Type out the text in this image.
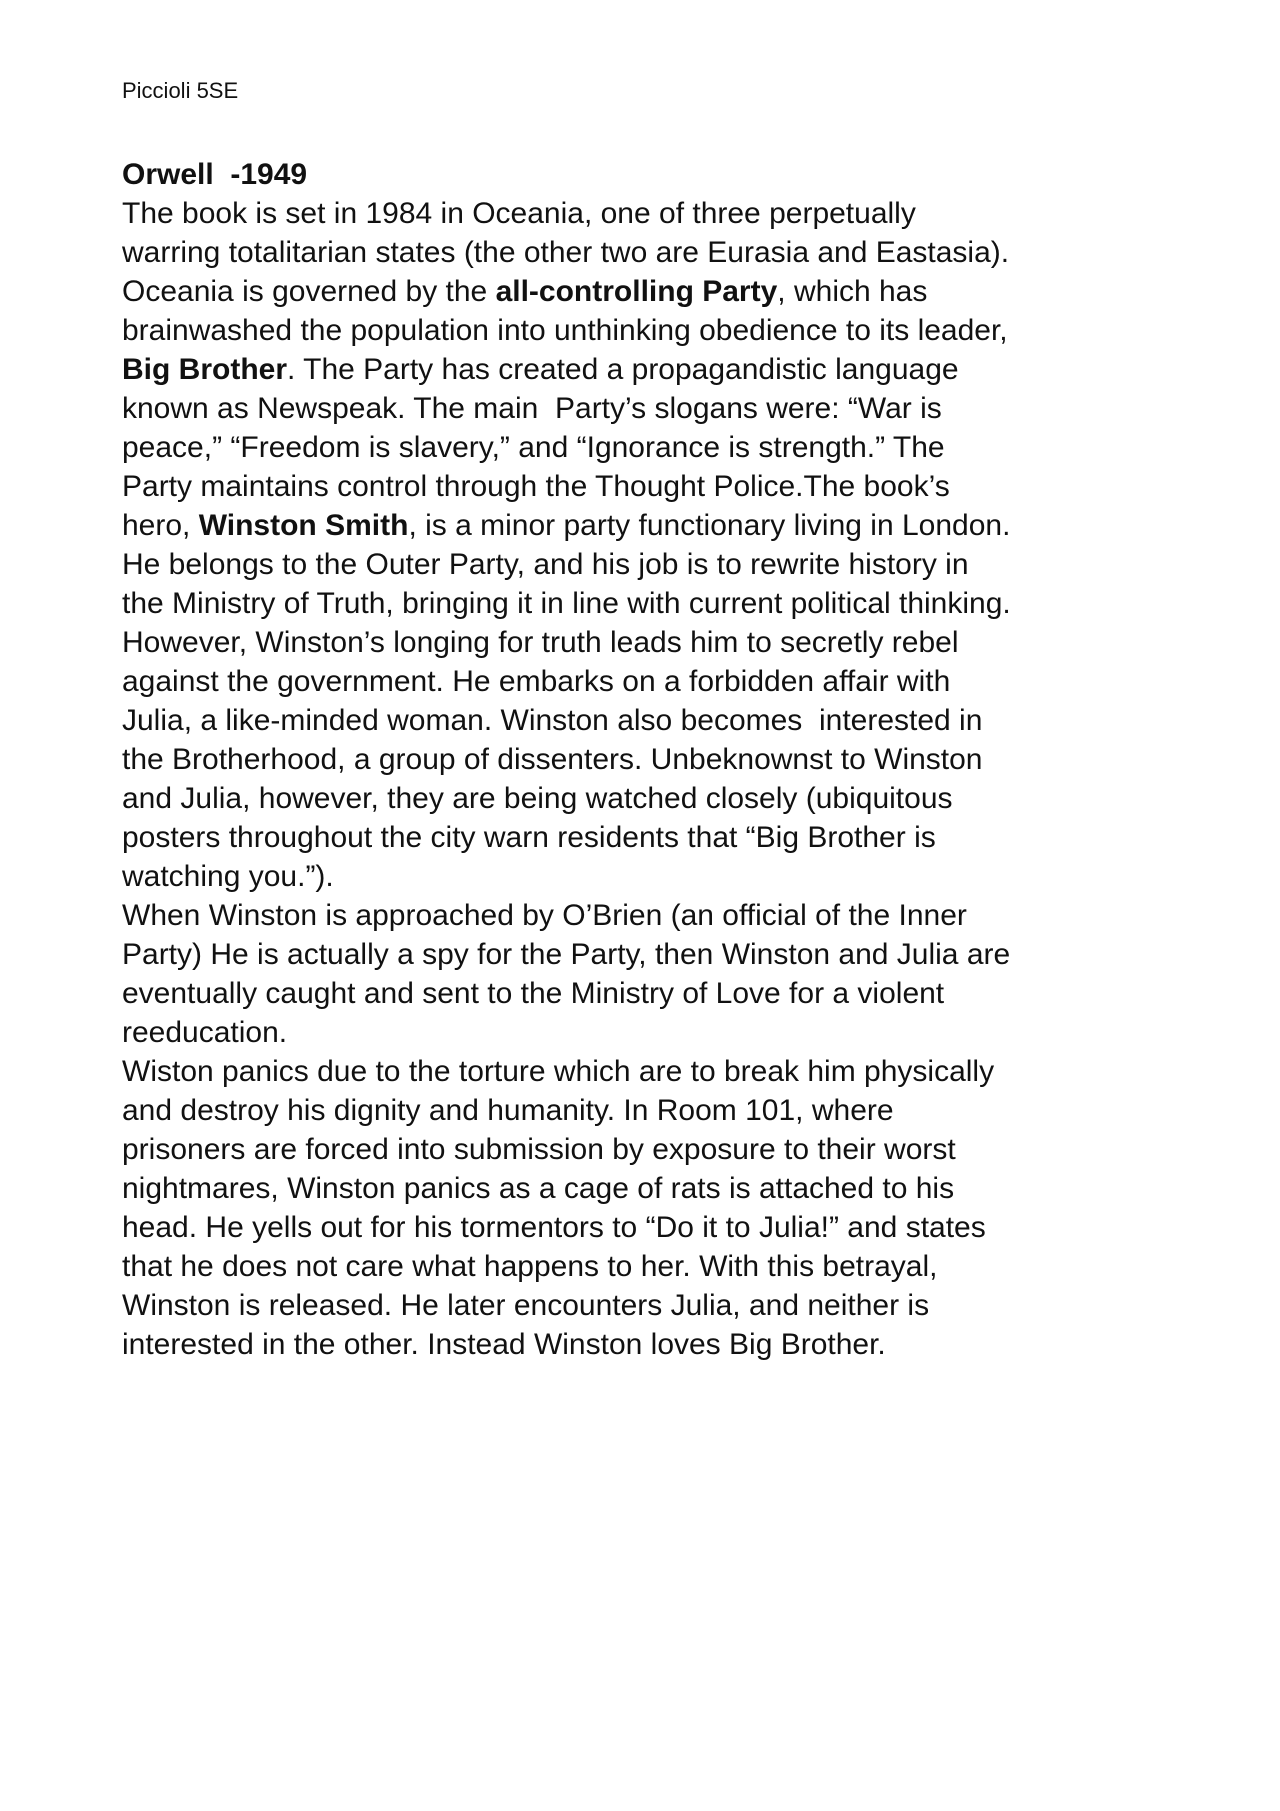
Piccioli 5SE

Orwell  -1949

The book is set in 1984 in Oceania, one of three perpetually

warring totalitarian states (the other two are Eurasia and Eastasia).

Oceania is governed by the all-controlling Party, which has

brainwashed the population into unthinking obedience to its leader,

Big Brother. The Party has created a propagandistic language

known as Newspeak. The main  Party’s slogans were: “War is

peace,” “Freedom is slavery,” and “Ignorance is strength.” The

Party maintains control through the Thought Police.The book’s

hero, Winston Smith, is a minor party functionary living in London.

He belongs to the Outer Party, and his job is to rewrite history in

the Ministry of Truth, bringing it in line with current political thinking.

However, Winston’s longing for truth leads him to secretly rebel

against the government. He embarks on a forbidden affair with

Julia, a like-minded woman. Winston also becomes  interested in

the Brotherhood, a group of dissenters. Unbeknownst to Winston

and Julia, however, they are being watched closely (ubiquitous

posters throughout the city warn residents that “Big Brother is

watching you.”).

When Winston is approached by O’Brien (an official of the Inner

Party) He is actually a spy for the Party, then Winston and Julia are

eventually caught and sent to the Ministry of Love for a violent

reeducation.

Wiston panics due to the torture which are to break him physically

and destroy his dignity and humanity. In Room 101, where

prisoners are forced into submission by exposure to their worst

nightmares, Winston panics as a cage of rats is attached to his

head. He yells out for his tormentors to “Do it to Julia!” and states

that he does not care what happens to her. With this betrayal,

Winston is released. He later encounters Julia, and neither is

interested in the other. Instead Winston loves Big Brother.
